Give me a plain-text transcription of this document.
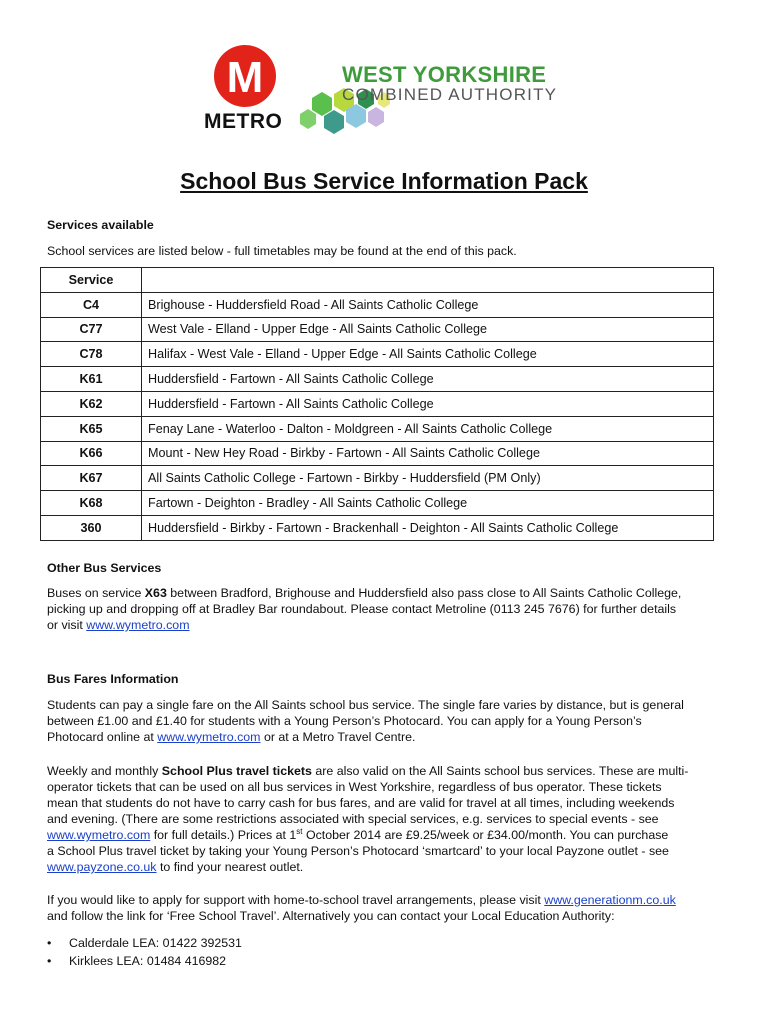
M
METRO
WEST YORKSHIRE
COMBINED AUTHORITY
School Bus Service Information Pack
Services available
School services are listed below - full timetables may be found at the end of this pack.
Service	
C4	Brighouse - Huddersfield Road - All Saints Catholic College
C77	West Vale - Elland - Upper Edge - All Saints Catholic College
C78	Halifax - West Vale - Elland - Upper Edge - All Saints Catholic College
K61	Huddersfield - Fartown - All Saints Catholic College
K62	Huddersfield - Fartown - All Saints Catholic College
K65	Fenay Lane - Waterloo - Dalton - Moldgreen - All Saints Catholic College
K66	Mount - New Hey Road - Birkby - Fartown - All Saints Catholic College
K67	All Saints Catholic College - Fartown - Birkby - Huddersfield (PM Only)
K68	Fartown - Deighton - Bradley - All Saints Catholic College
360	Huddersfield - Birkby - Fartown - Brackenhall - Deighton - All Saints Catholic College
Other Bus Services
Buses on service X63 between Bradford, Brighouse and Huddersfield also pass close to All Saints Catholic College,
picking up and dropping off at Bradley Bar roundabout. Please contact Metroline (0113 245 7676) for further details
or visit www.wymetro.com
Bus Fares Information
Students can pay a single fare on the All Saints school bus service. The single fare varies by distance, but is general
between £1.00 and £1.40 for students with a Young Person’s Photocard. You can apply for a Young Person’s
Photocard online at www.wymetro.com or at a Metro Travel Centre.
Weekly and monthly School Plus travel tickets are also valid on the All Saints school bus services. These are multi-
operator tickets that can be used on all bus services in West Yorkshire, regardless of bus operator. These tickets
mean that students do not have to carry cash for bus fares, and are valid for travel at all times, including weekends
and evening. (There are some restrictions associated with special services, e.g. services to special events - see
www.wymetro.com for full details.) Prices at 1st October 2014 are £9.25/week or £34.00/month. You can purchase
a School Plus travel ticket by taking your Young Person’s Photocard ‘smartcard’ to your local Payzone outlet - see
www.payzone.co.uk to find your nearest outlet.
If you would like to apply for support with home-to-school travel arrangements, please visit www.generationm.co.uk
and follow the link for ‘Free School Travel’. Alternatively you can contact your Local Education Authority:
• Calderdale LEA: 01422 392531
• Kirklees LEA: 01484 416982
